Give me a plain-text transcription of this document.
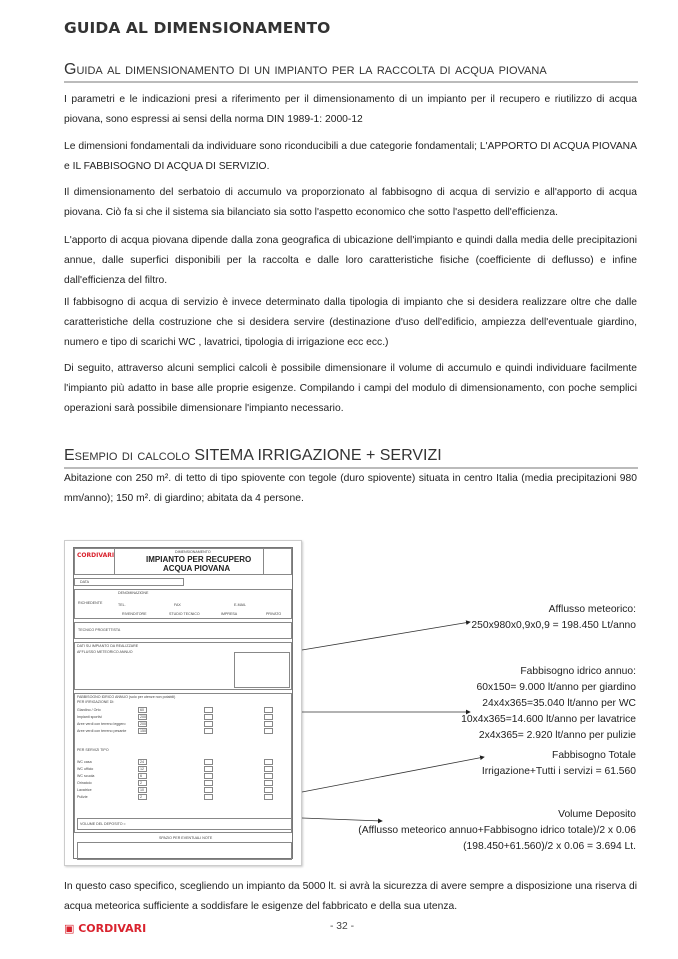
GUIDA AL DIMENSIONAMENTO
Guida al dimensionamento di un impianto per la raccolta di acqua piovana
I parametri e le indicazioni presi a riferimento per il dimensionamento di un impianto per il recupero e riutilizzo di acqua piovana, sono espressi ai sensi della norma DIN 1989-1: 2000-12
Le dimensioni fondamentali da individuare sono riconducibili a due categorie fondamentali; L'APPORTO DI ACQUA PIOVANA e IL FABBISOGNO DI ACQUA DI SERVIZIO.
Il dimensionamento del serbatoio di accumulo va proporzionato al fabbisogno di acqua di servizio e all'apporto di acqua piovana. Ciò fa si che il sistema sia bilanciato sia sotto l'aspetto economico che sotto l'aspetto dell'efficienza.
L'apporto di acqua piovana dipende dalla zona geografica di ubicazione dell'impianto e quindi dalla media delle precipitazioni annue, dalle superfici disponibili per la raccolta e dalle loro caratteristiche fisiche (coefficiente di deflusso) e infine dall'efficienza del filtro.
Il fabbisogno di acqua di servizio è invece determinato dalla tipologia di impianto che si desidera realizzare oltre che dalle caratteristiche della costruzione che si desidera servire (destinazione d'uso dell'edificio, ampiezza dell'eventuale giardino, numero e tipo di scarichi WC , lavatrici, tipologia di irrigazione ecc ecc.)
Di seguito, attraverso alcuni semplici calcoli è possibile dimensionare il volume di accumulo e quindi individuare facilmente l'impianto più adatto in base alle proprie esigenze. Compilando i campi del modulo di dimensionamento, con poche semplici operazioni sarà possibile dimensionare l'impianto necessario.
Esempio di calcolo SITEMA IRRIGAZIONE + SERVIZI
Abitazione con 250 m². di tetto di tipo spiovente con tegole (duro spiovente) situata in centro Italia (media precipitazioni 980 mm/anno); 150 m². di giardino; abitata da 4 persone.
CORDIVARI	DIMENSIONAMENTO
IMPIANTO PER RECUPERO
ACQUA PIOVANA
DATA
RICHIEDENTE
DENOMINAZIONE
TEL.	FAX	E-MAIL
RIVENDITORE	STUDIO TECNICO	IMPRESA	PRIVATO
TECNICO PROGETTISTA
DATI SU IMPIANTO DA REALIZZARE
AFFLUSSO METEORICO ANNUO
FABBISOGNO IDRICO ANNUO (solo per utenze non potabili)
PER IRRIGAZIONE DI:
PER SERVIZI TIPO
VOLUME DEL DEPOSITO =
SPAZIO PER EVENTUALI NOTE
Giardino / Orto	60
Impianti sportivi	200
Aree verdi con terreno leggero	200
Aree verdi con terreno pesante	150
WC casa	24
WC ufficio	12
WC scuola	6
Orinatoio	2
Lavatrice	10
Pulizie	2
Afflusso meteorico:
250x980x0,9x0,9 = 198.450 Lt/anno
Fabbisogno idrico annuo:
60x150= 9.000 lt/anno per giardino
24x4x365=35.040 lt/anno per WC
10x4x365=14.600 lt/anno per lavatrice
2x4x365= 2.920 lt/anno per pulizie
Fabbisogno Totale
Irrigazione+Tutti i servizi = 61.560
Volume Deposito
(Afflusso meteorico annuo+Fabbisogno idrico totale)/2 x 0.06
(198.450+61.560)/2 x 0.06 = 3.694 Lt.
In questo caso specifico, scegliendo un impianto da 5000 lt. si avrà la sicurezza di avere sempre a disposizione una riserva di acqua meteorica sufficiente a soddisfare le esigenze del fabbricato e della sua utenza.
▣ CORDIVARI	- 32 -
